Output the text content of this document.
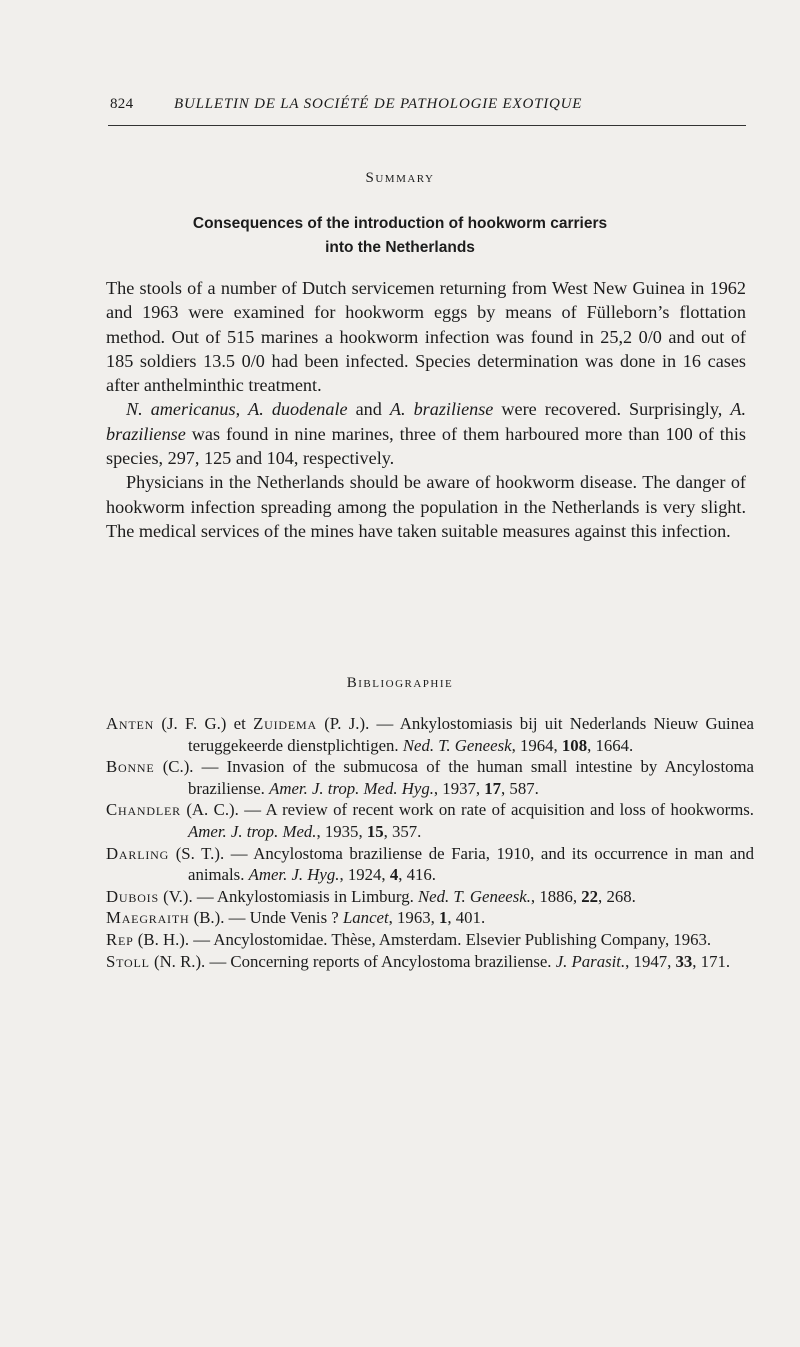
824	BULLETIN DE LA SOCIÉTÉ DE PATHOLOGIE EXOTIQUE
Summary
Consequences of the introduction of hookworm carriers
into the Netherlands

The stools of a number of Dutch servicemen returning from West New Guinea in 1962 and 1963 were examined for hookworm eggs by means of Fülleborn’s flottation method. Out of 515 marines a hookworm infection was found in 25,2 0/0 and out of 185 soldiers 13.5 0/0 had been infected. Species determination was done in 16 cases after anthelminthic treatment.

N. americanus, A. duodenale and A. braziliense were recovered. Surprisingly, A. braziliense was found in nine marines, three of them harboured more than 100 of this species, 297, 125 and 104, respectively.

Physicians in the Netherlands should be aware of hookworm disease. The danger of hookworm infection spreading among the population in the Netherlands is very slight. The medical services of the mines have taken suitable measures against this infection.

Bibliographie

Anten (J. F. G.) et Zuidema (P. J.). — Ankylostomiasis bij uit Nederlands Nieuw Guinea teruggekeerde dienstplichtigen. Ned. T. Geneesk, 1964, 108, 1664.

Bonne (C.). — Invasion of the submucosa of the human small intestine by Ancylostoma braziliense. Amer. J. trop. Med. Hyg., 1937, 17, 587.

Chandler (A. C.). — A review of recent work on rate of acquisition and loss of hookworms. Amer. J. trop. Med., 1935, 15, 357.

Darling (S. T.). — Ancylostoma braziliense de Faria, 1910, and its occurrence in man and animals. Amer. J. Hyg., 1924, 4, 416.

Dubois (V.). — Ankylostomiasis in Limburg. Ned. T. Geneesk., 1886, 22, 268.

Maegraith (B.). — Unde Venis ? Lancet, 1963, 1, 401.

Rep (B. H.). — Ancylostomidae. Thèse, Amsterdam. Elsevier Publishing Company, 1963.

Stoll (N. R.). — Concerning reports of Ancylostoma braziliense. J. Parasit., 1947, 33, 171.
